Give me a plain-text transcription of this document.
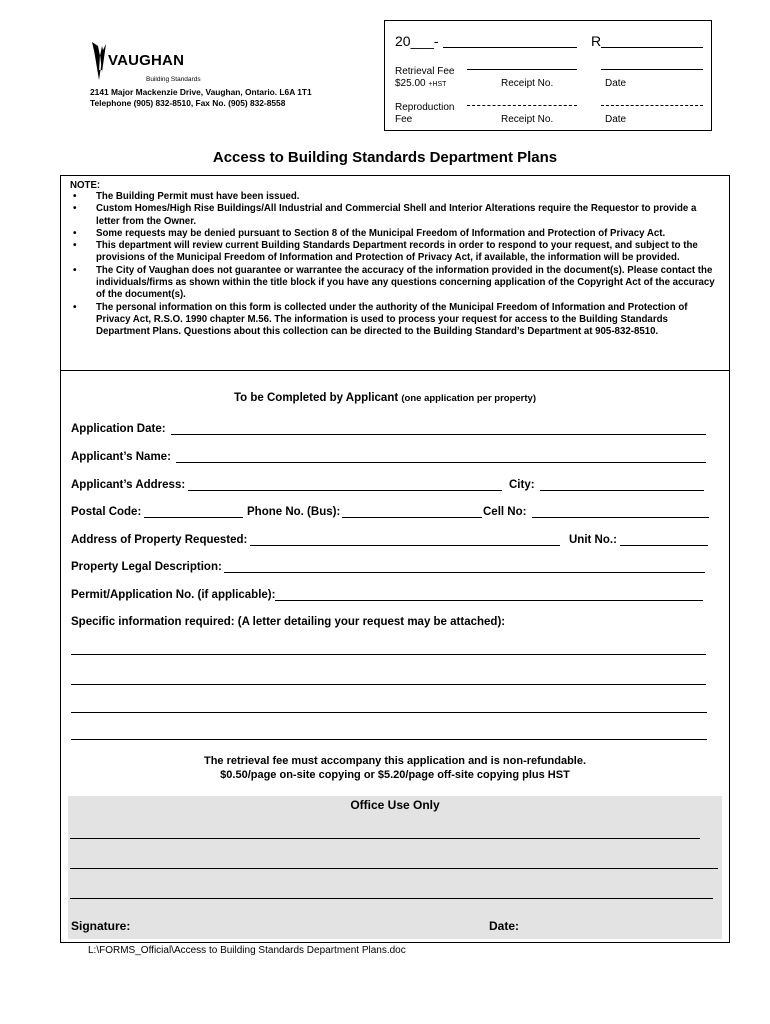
VAUGHAN
Building Standards
2141 Major Mackenzie Drive, Vaughan, Ontario. L6A 1T1
Telephone (905) 832-8510, Fax No. (905) 832-8558
20___-	R
Retrieval Fee
$25.00 +HST	Receipt No.	Date
Reproduction
Fee	Receipt No.	Date
Access to Building Standards Department Plans
NOTE:
• The Building Permit must have been issued.
• Custom Homes/High Rise Buildings/All Industrial and Commercial Shell and Interior Alterations require the Requestor to provide a letter from the Owner.
• Some requests may be denied pursuant to Section 8 of the Municipal Freedom of Information and Protection of Privacy Act.
• This department will review current Building Standards Department records in order to respond to your request, and subject to the provisions of the Municipal Freedom of Information and Protection of Privacy Act, if available, the information will be provided.
• The City of Vaughan does not guarantee or warrantee the accuracy of the information provided in the document(s). Please contact the individuals/firms as shown within the title block if you have any questions concerning application of the Copyright Act of the accuracy of the document(s).
• The personal information on this form is collected under the authority of the Municipal Freedom of Information and Protection of Privacy Act, R.S.O. 1990 chapter M.56. The information is used to process your request for access to the Building Standards Department Plans. Questions about this collection can be directed to the Building Standard’s Department at 905-832-8510.
To be Completed by Applicant (one application per property)
Application Date:
Applicant’s Name:
Applicant’s Address:	City:
Postal Code:	Phone No. (Bus):	Cell No:
Address of Property Requested:	Unit No.:
Property Legal Description:
Permit/Application No. (if applicable):
Specific information required: (A letter detailing your request may be attached):
The retrieval fee must accompany this application and is non-refundable.
$0.50/page on-site copying or $5.20/page off-site copying plus HST
Office Use Only
Signature:	Date:
L:\FORMS_Official\Access to Building Standards Department Plans.doc
